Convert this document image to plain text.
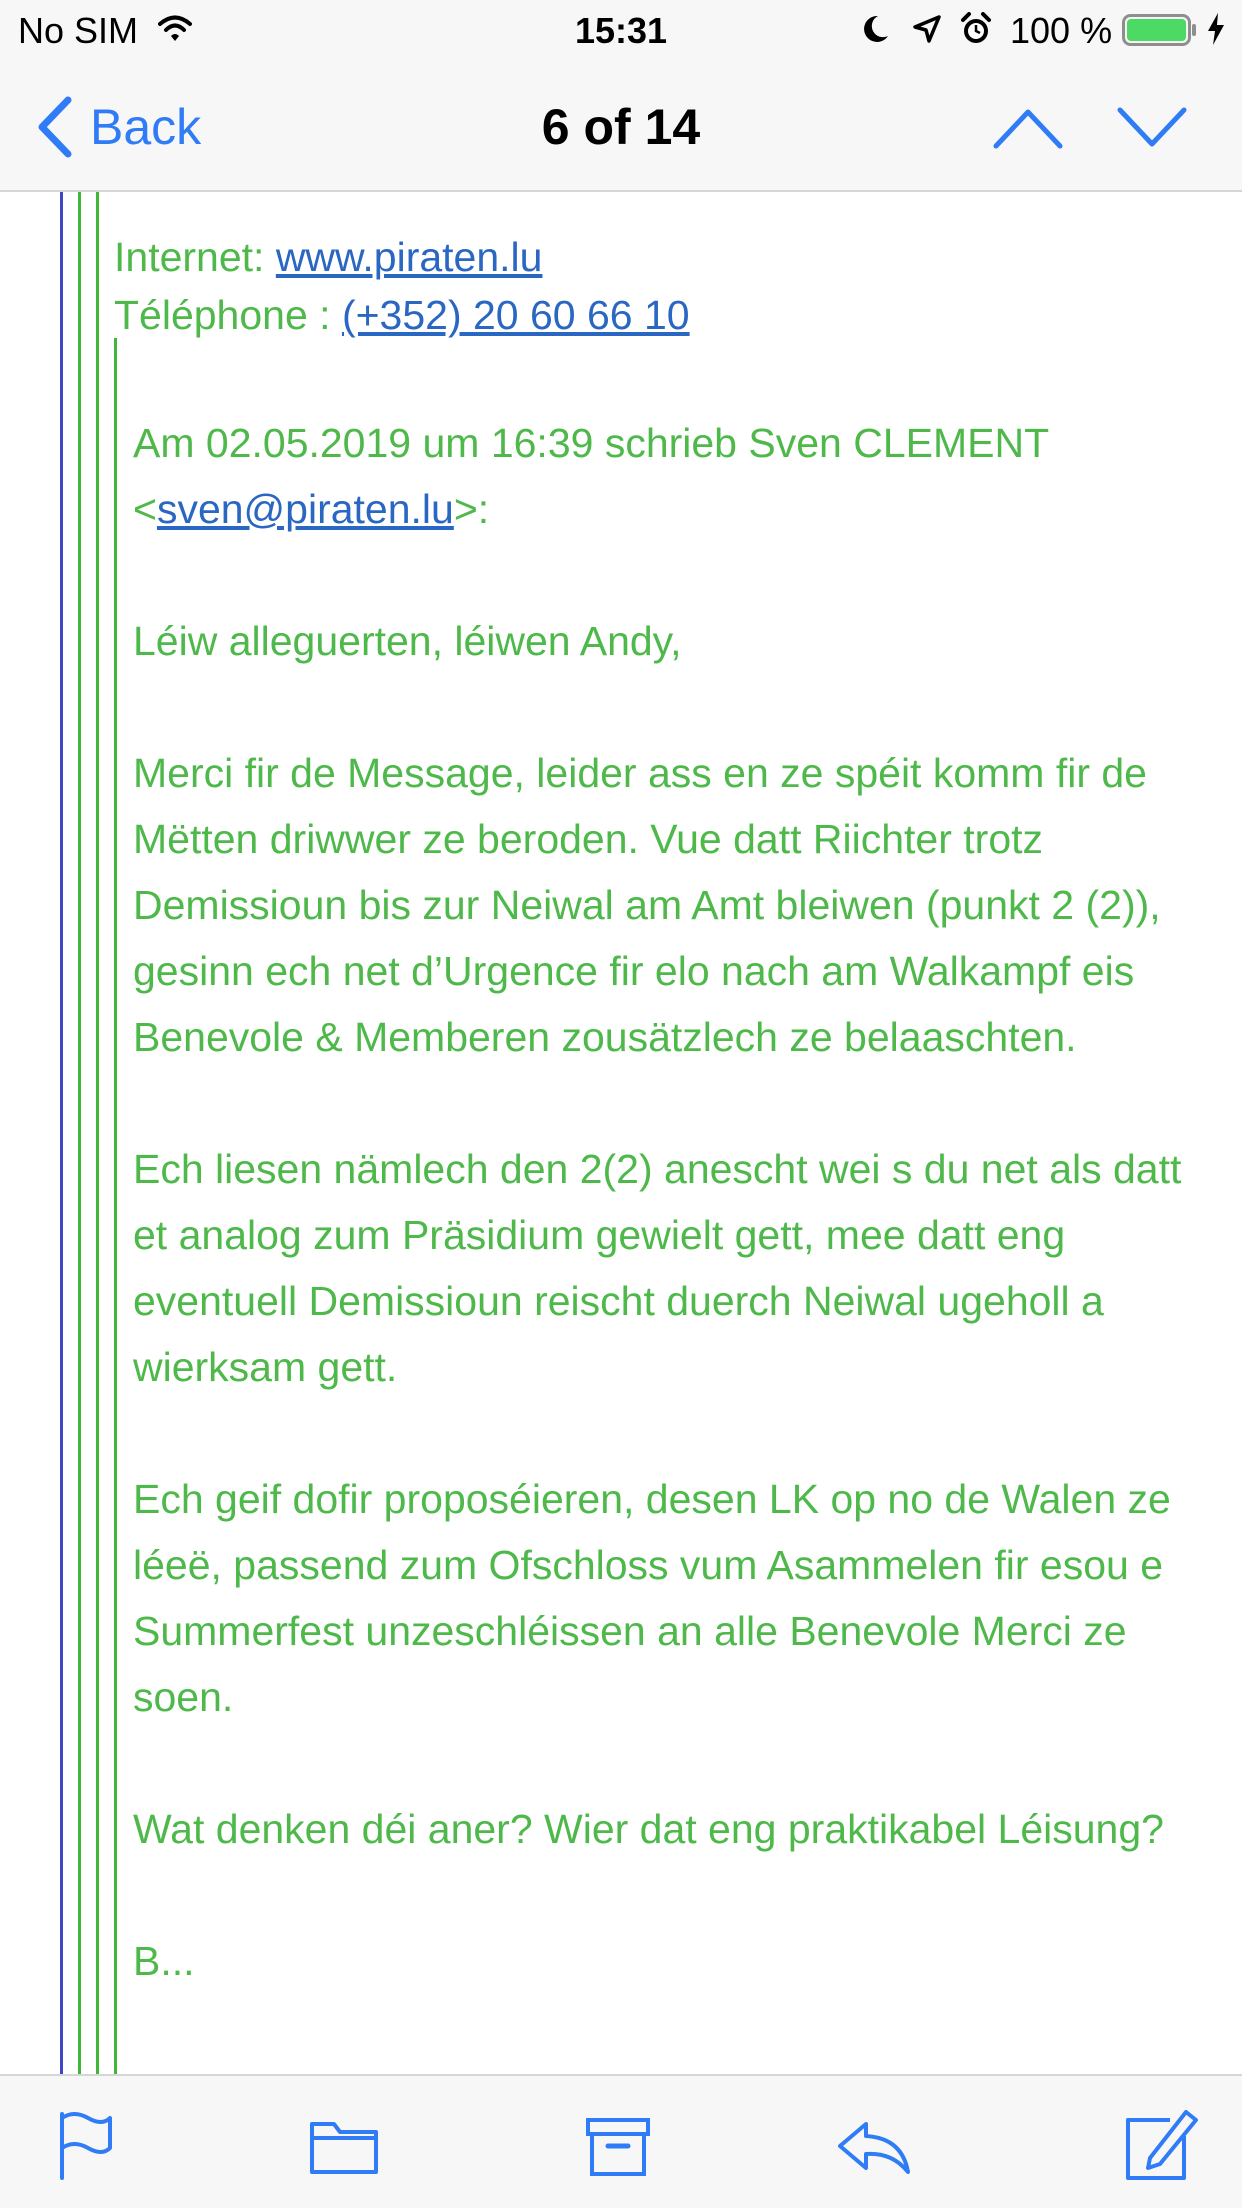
No SIM	15:31	100 %
Back	6 of 14
Internet: www.piraten.lu
Téléphone : (+352) 20 60 66 10

Am 02.05.2019 um 16:39 schrieb Sven CLEMENT <sven@piraten.lu>:

Léiw alleguerten, léiwen Andy,

Merci fir de Message, leider ass en ze spéit komm fir de Mëtten driwwer ze beroden. Vue datt Riichter trotz Demissioun bis zur Neiwal am Amt bleiwen (punkt 2 (2)), gesinn ech net d’Urgence fir elo nach am Walkampf eis Benevole & Memberen zousätzlech ze belaaschten.

Ech liesen nämlech den 2(2) anescht wei s du net als datt et analog zum Präsidium gewielt gett, mee datt eng eventuell Demissioun reischt duerch Neiwal ugeholl a wierksam gett.

Ech geif dofir proposéieren, desen LK op no de Walen ze léeë, passend zum Ofschloss vum Asammelen fir esou e Summerfest unzeschléissen an alle Benevole Merci ze soen.

Wat denken déi aner? Wier dat eng praktikabel Léisung?

B...
